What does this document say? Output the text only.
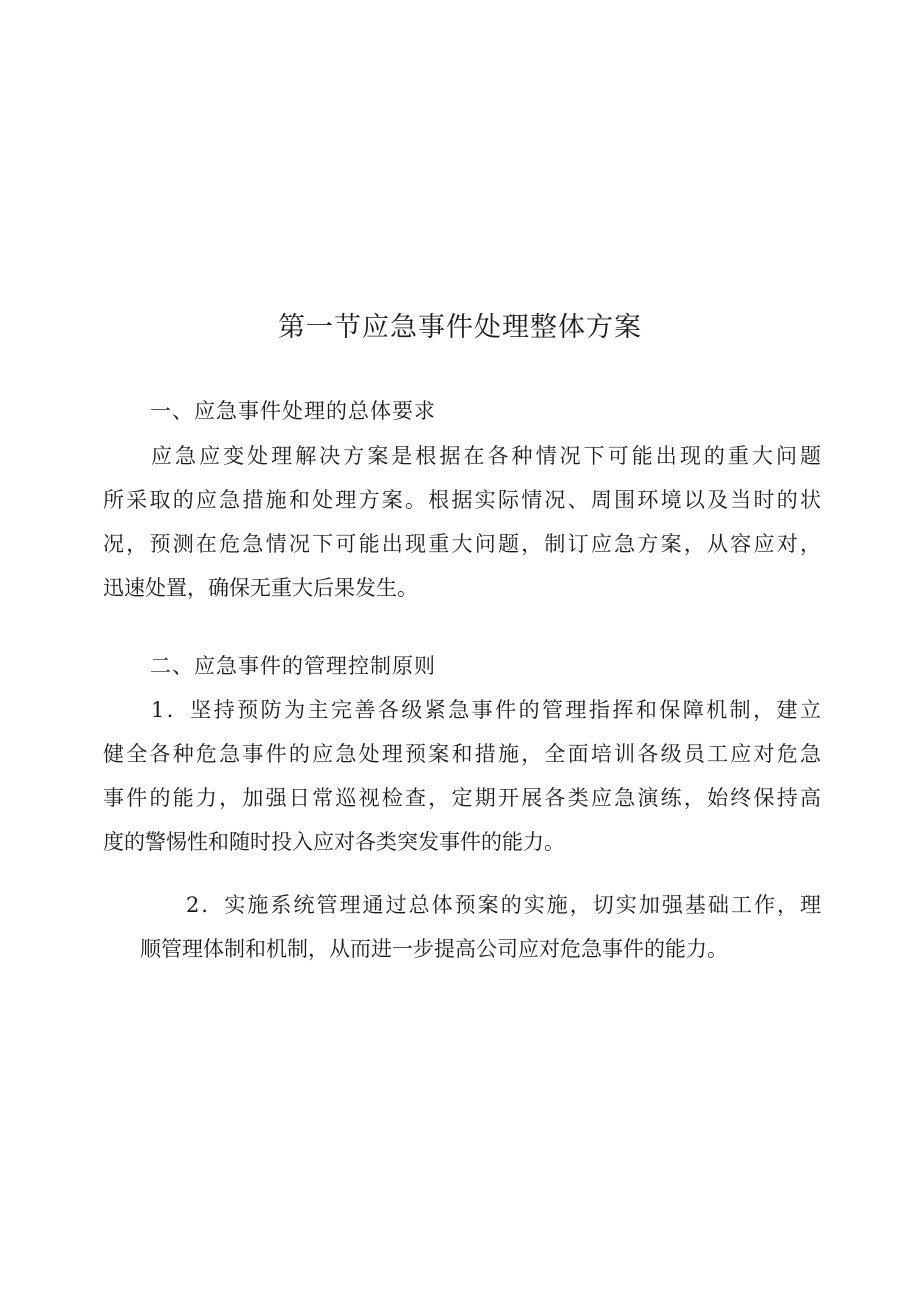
第一节应急事件处理整体方案
一、应急事件处理的总体要求
应急应变处理解决方案是根据在各种情况下可能出现的重大问题
所采取的应急措施和处理方案。根据实际情况、周围环境以及当时的状
况，预测在危急情况下可能出现重大问题，制订应急方案，从容应对，
迅速处置，确保无重大后果发生。
二、应急事件的管理控制原则
1．坚持预防为主完善各级紧急事件的管理指挥和保障机制，建立
健全各种危急事件的应急处理预案和措施，全面培训各级员工应对危急
事件的能力，加强日常巡视检查，定期开展各类应急演练，始终保持高
度的警惕性和随时投入应对各类突发事件的能力。
2．实施系统管理通过总体预案的实施，切实加强基础工作，理
顺管理体制和机制，从而进一步提高公司应对危急事件的能力。
